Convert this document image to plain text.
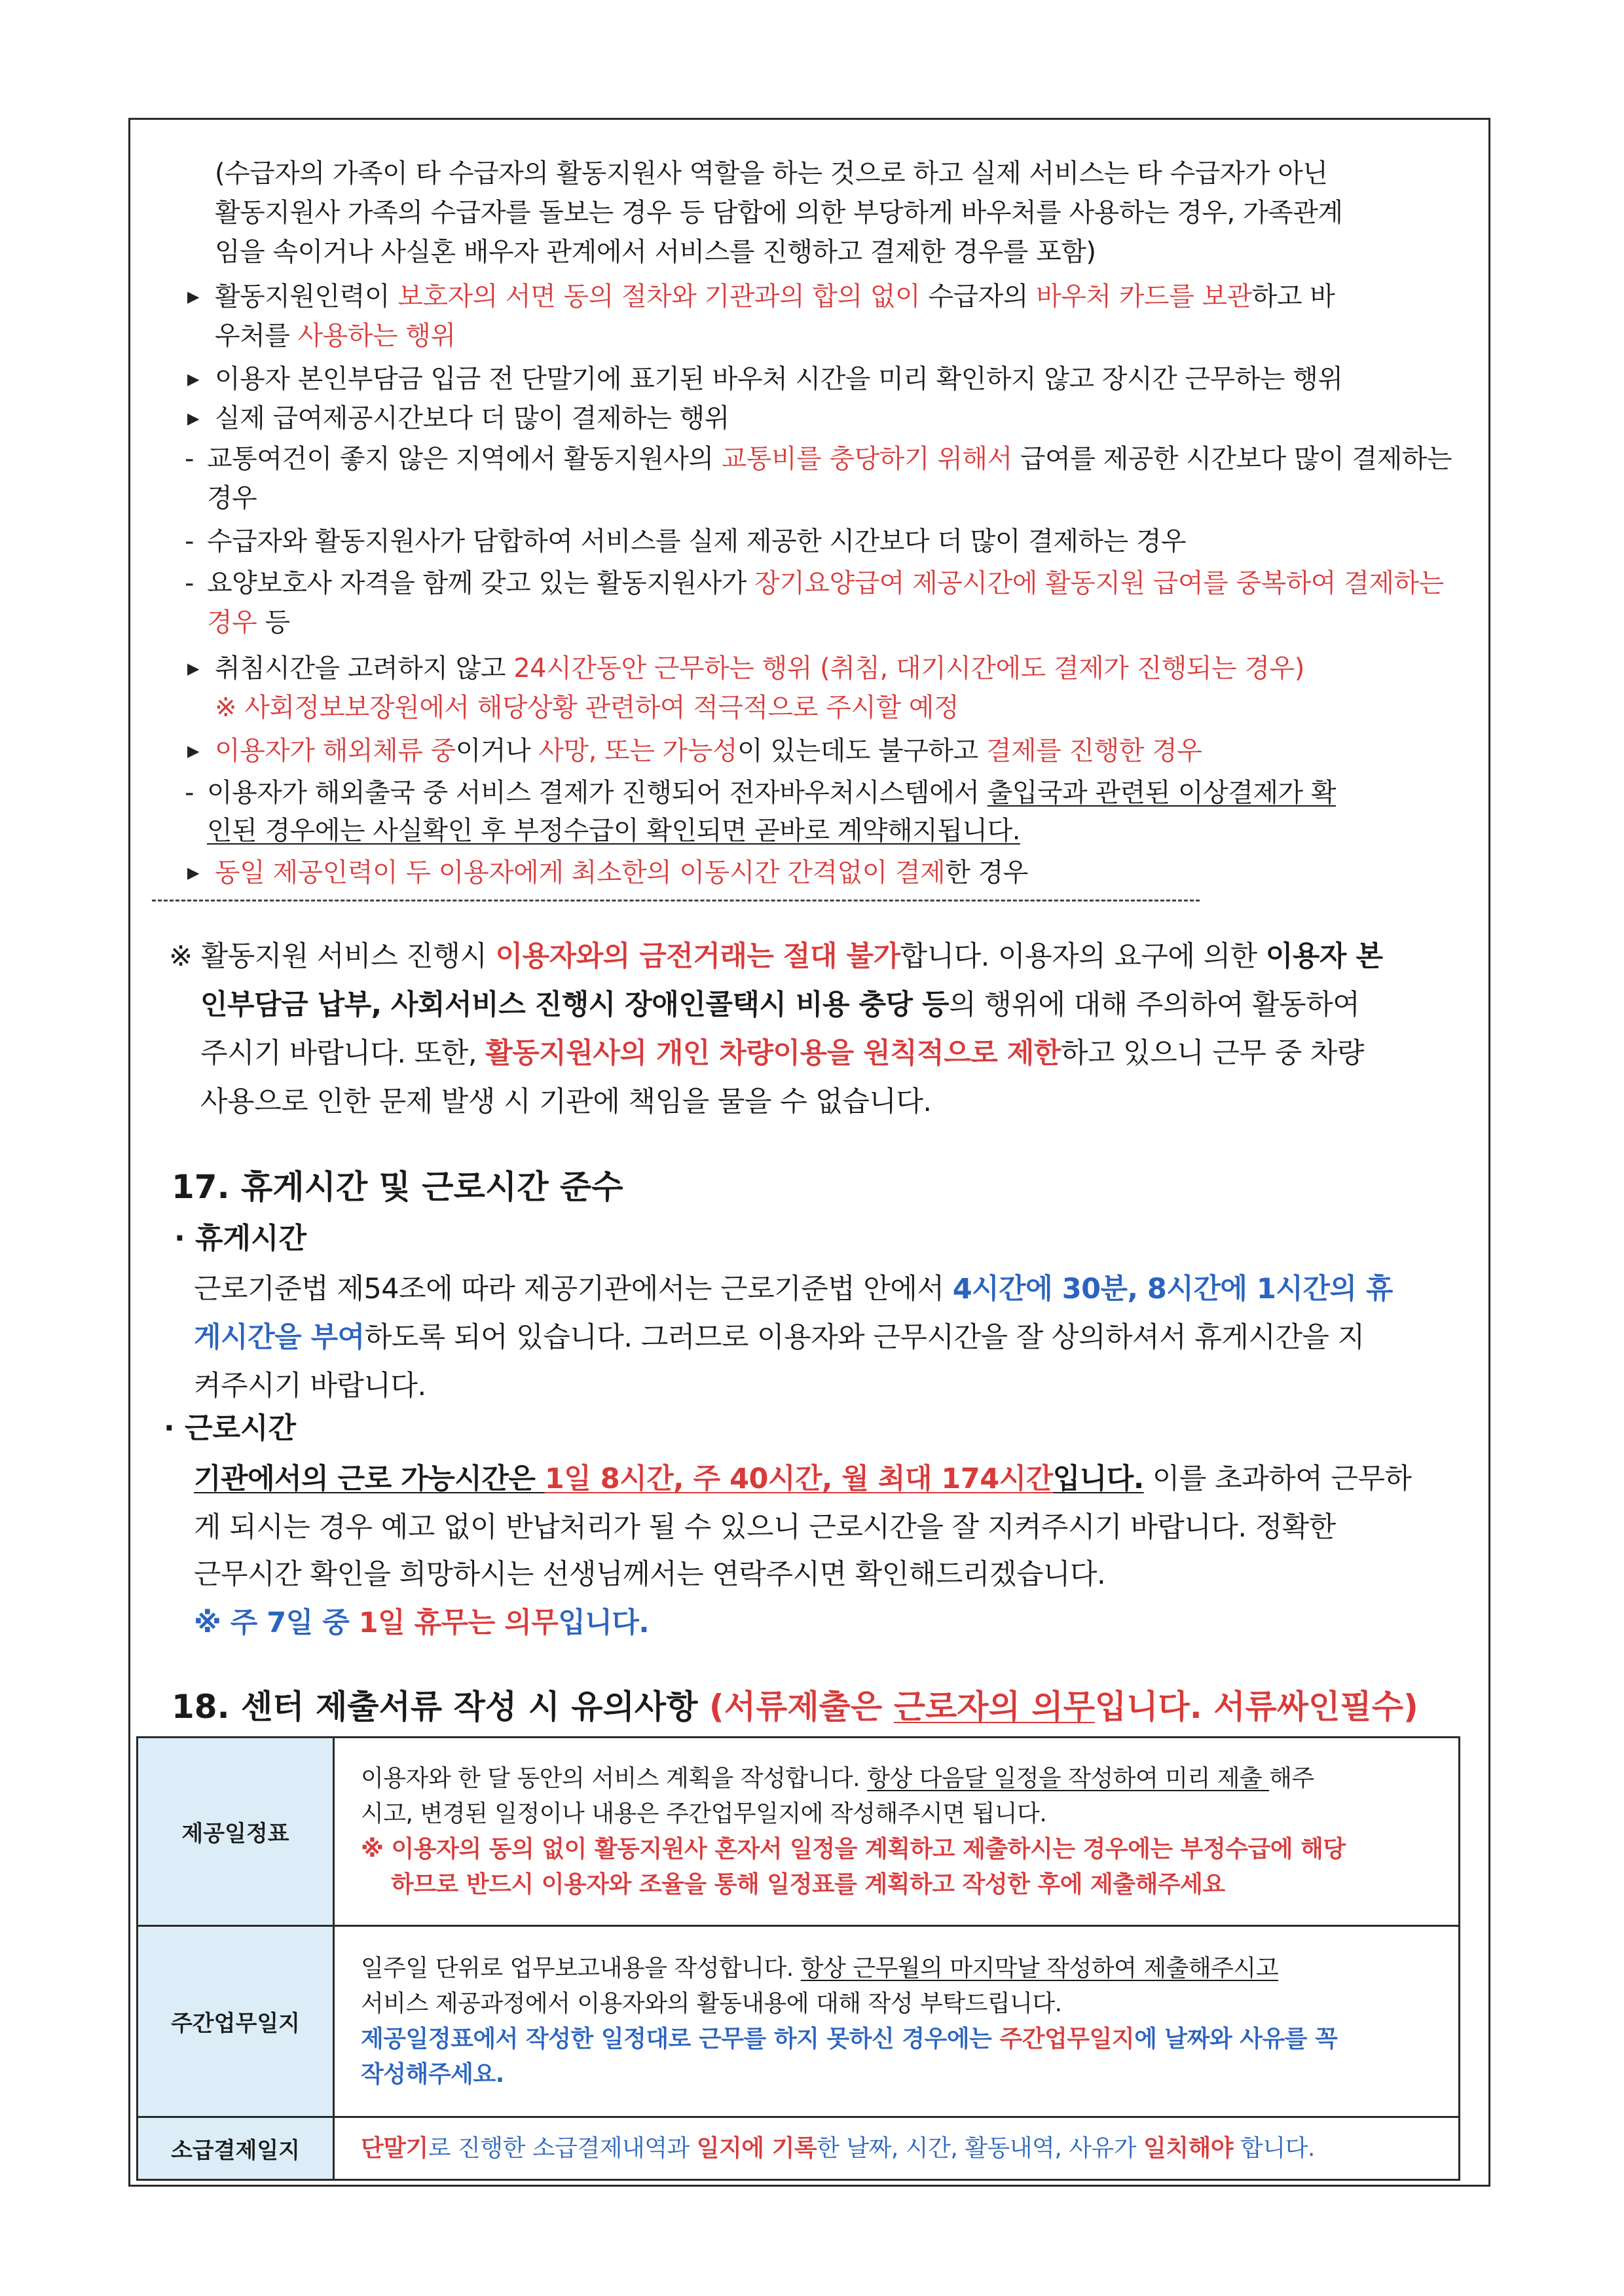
(수급자의 가족이 타 수급자의 활동지원사 역할을 하는 것으로 하고 실제 서비스는 타 수급자가 아닌
활동지원사 가족의 수급자를 돌보는 경우 등 담합에 의한 부당하게 바우처를 사용하는 경우, 가족관계
임을 속이거나 사실혼 배우자 관계에서 서비스를 진행하고 결제한 경우를 포함)
▶ 활동지원인력이 보호자의 서면 동의 절차와 기관과의 합의 없이 수급자의 바우처 카드를 보관하고 바
우처를 사용하는 행위
▶ 이용자 본인부담금 입금 전 단말기에 표기된 바우처 시간을 미리 확인하지 않고 장시간 근무하는 행위
▶ 실제 급여제공시간보다 더 많이 결제하는 행위
- 교통여건이 좋지 않은 지역에서 활동지원사의 교통비를 충당하기 위해서 급여를 제공한 시간보다 많이 결제하는
경우
- 수급자와 활동지원사가 담합하여 서비스를 실제 제공한 시간보다 더 많이 결제하는 경우
- 요양보호사 자격을 함께 갖고 있는 활동지원사가 장기요양급여 제공시간에 활동지원 급여를 중복하여 결제하는
경우 등
▶ 취침시간을 고려하지 않고 24시간동안 근무하는 행위 (취침, 대기시간에도 결제가 진행되는 경우)
※ 사회정보보장원에서 해당상황 관련하여 적극적으로 주시할 예정
▶ 이용자가 해외체류 중이거나 사망, 또는 가능성이 있는데도 불구하고 결제를 진행한 경우
- 이용자가 해외출국 중 서비스 결제가 진행되어 전자바우처시스템에서 출입국과 관련된 이상결제가 확
인된 경우에는 사실확인 후 부정수급이 확인되면 곧바로 계약해지됩니다.
▶ 동일 제공인력이 두 이용자에게 최소한의 이동시간 간격없이 결제한 경우
※ 활동지원 서비스 진행시 이용자와의 금전거래는 절대 불가합니다. 이용자의 요구에 의한 이용자 본
인부담금 납부, 사회서비스 진행시 장애인콜택시 비용 충당 등의 행위에 대해 주의하여 활동하여
주시기 바랍니다. 또한, 활동지원사의 개인 차량이용을 원칙적으로 제한하고 있으니 근무 중 차량
사용으로 인한 문제 발생 시 기관에 책임을 물을 수 없습니다.
17. 휴게시간 및 근로시간 준수
· 휴게시간
근로기준법 제54조에 따라 제공기관에서는 근로기준법 안에서 4시간에 30분, 8시간에 1시간의 휴
게시간을 부여하도록 되어 있습니다. 그러므로 이용자와 근무시간을 잘 상의하셔서 휴게시간을 지
켜주시기 바랍니다.
· 근로시간
기관에서의 근로 가능시간은 1일 8시간, 주 40시간, 월 최대 174시간입니다. 이를 초과하여 근무하
게 되시는 경우 예고 없이 반납처리가 될 수 있으니 근로시간을 잘 지켜주시기 바랍니다. 정확한
근무시간 확인을 희망하시는 선생님께서는 연락주시면 확인해드리겠습니다.
※ 주 7일 중 1일 휴무는 의무입니다.
18. 센터 제출서류 작성 시 유의사항 (서류제출은 근로자의 의무입니다. 서류싸인필수)
제공일정표	이용자와 한 달 동안의 서비스 계획을 작성합니다. 항상 다음달 일정을 작성하여 미리 제출 해주
시고, 변경된 일정이나 내용은 주간업무일지에 작성해주시면 됩니다.
※ 이용자의 동의 없이 활동지원사 혼자서 일정을 계획하고 제출하시는 경우에는 부정수급에 해당
하므로 반드시 이용자와 조율을 통해 일정표를 계획하고 작성한 후에 제출해주세요

주간업무일지	일주일 단위로 업무보고내용을 작성합니다. 항상 근무월의 마지막날 작성하여 제출해주시고
서비스 제공과정에서 이용자와의 활동내용에 대해 작성 부탁드립니다.
제공일정표에서 작성한 일정대로 근무를 하지 못하신 경우에는 주간업무일지에 날짜와 사유를 꼭
작성해주세요.

소급결제일지	단말기로 진행한 소급결제내역과 일지에 기록한 날짜, 시간, 활동내역, 사유가 일치해야 합니다.
